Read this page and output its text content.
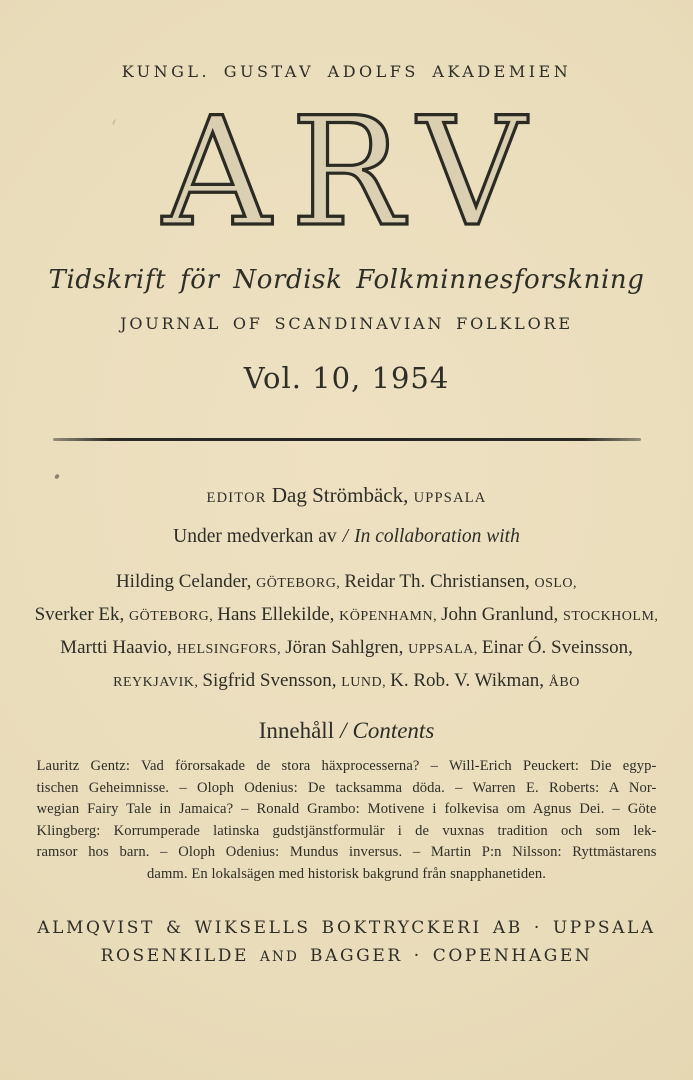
KUNGL. GUSTAV ADOLFS AKADEMIEN
ARV
Tidskrift för Nordisk Folkminnesforskning
JOURNAL OF SCANDINAVIAN FOLKLORE
Vol. 10, 1954
EDITOR Dag Strömbäck, UPPSALA
Under medverkan av / In collaboration with
Hilding Celander, GÖTEBORG, Reidar Th. Christiansen, OSLO,
Sverker Ek, GÖTEBORG, Hans Ellekilde, KÖPENHAMN, John Granlund, STOCKHOLM,
Martti Haavio, HELSINGFORS, Jöran Sahlgren, UPPSALA, Einar Ó. Sveinsson,
REYKJAVIK, Sigfrid Svensson, LUND, K. Rob. V. Wikman, ÅBO
Innehåll / Contents
Lauritz Gentz: Vad förorsakade de stora häxprocesserna? – Will-Erich Peuckert: Die egyp-
tischen Geheimnisse. – Oloph Odenius: De tacksamma döda. – Warren E. Roberts: A Nor-
wegian Fairy Tale in Jamaica? – Ronald Grambo: Motivene i folkevisa om Agnus Dei. – Göte
Klingberg: Korrumperade latinska gudstjänstformulär i de vuxnas tradition och som lek-
ramsor hos barn. – Oloph Odenius: Mundus inversus. – Martin P:n Nilsson: Ryttmästarens
damm. En lokalsägen med historisk bakgrund från snapphanetiden.
ALMQVIST & WIKSELLS BOKTRYCKERI AB · UPPSALA
ROSENKILDE AND BAGGER · COPENHAGEN
